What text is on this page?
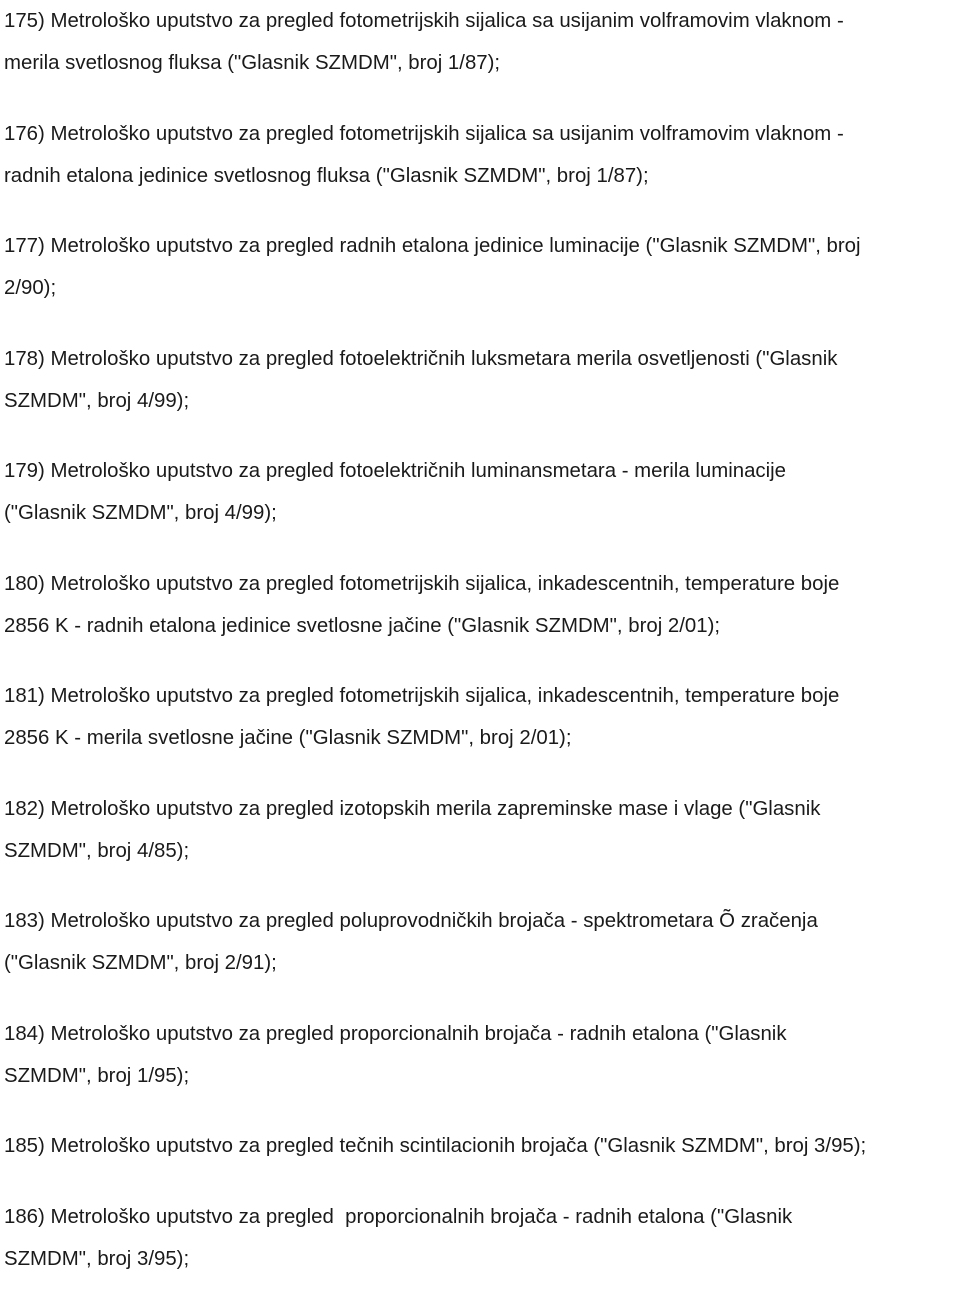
175) Metrološko uputstvo za pregled fotometrijskih sijalica sa usijanim volframovim vlaknom -
merila svetlosnog fluksa ("Glasnik SZMDM", broj 1/87);
176) Metrološko uputstvo za pregled fotometrijskih sijalica sa usijanim volframovim vlaknom -
radnih etalona jedinice svetlosnog fluksa ("Glasnik SZMDM", broj 1/87);
177) Metrološko uputstvo za pregled radnih etalona jedinice luminacije ("Glasnik SZMDM", broj
2/90);
178) Metrološko uputstvo za pregled fotoelektričnih luksmetara merila osvetljenosti ("Glasnik
SZMDM", broj 4/99);
179) Metrološko uputstvo za pregled fotoelektričnih luminansmetara - merila luminacije
("Glasnik SZMDM", broj 4/99);
180) Metrološko uputstvo za pregled fotometrijskih sijalica, inkadescentnih, temperature boje
2856 K - radnih etalona jedinice svetlosne jačine ("Glasnik SZMDM", broj 2/01);
181) Metrološko uputstvo za pregled fotometrijskih sijalica, inkadescentnih, temperature boje
2856 K - merila svetlosne jačine ("Glasnik SZMDM", broj 2/01);
182) Metrološko uputstvo za pregled izotopskih merila zapreminske mase i vlage ("Glasnik
SZMDM", broj 4/85);
183) Metrološko uputstvo za pregled poluprovodničkih brojača - spektrometara Õ zračenja
("Glasnik SZMDM", broj 2/91);
184) Metrološko uputstvo za pregled proporcionalnih brojača - radnih etalona ("Glasnik
SZMDM", broj 1/95);
185) Metrološko uputstvo za pregled tečnih scintilacionih brojača ("Glasnik SZMDM", broj 3/95);
186) Metrološko uputstvo za pregled  proporcionalnih brojača - radnih etalona ("Glasnik
SZMDM", broj 3/95);
